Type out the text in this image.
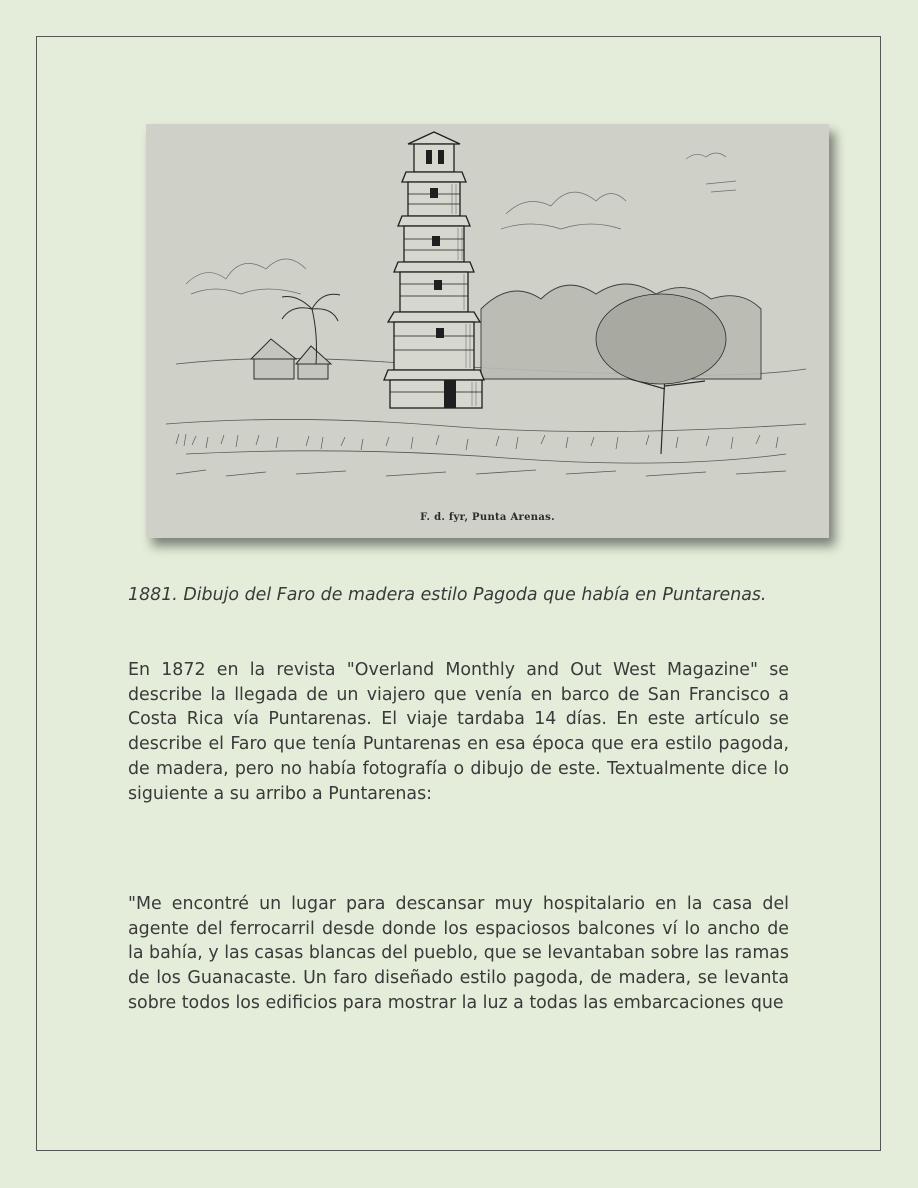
F. d. fyr, Punta Arenas.
1881. Dibujo del Faro de madera estilo Pagoda que había en Puntarenas.
En 1872 en la revista "Overland Monthly and Out West Magazine" se describe la llegada de un viajero que venía en barco de San Francisco a Costa Rica vía Puntarenas. El viaje tardaba 14 días. En este artículo se describe el Faro que tenía Puntarenas en esa época que era estilo pagoda, de madera, pero no había fotografía o dibujo de este. Textualmente dice lo siguiente a su arribo a Puntarenas:
"Me encontré un lugar para descansar muy hospitalario en la casa del agente del ferrocarril desde donde los espaciosos balcones ví lo ancho de la bahía, y las casas blancas del pueblo, que se levantaban sobre las ramas de los Guanacaste. Un faro diseñado estilo pagoda, de madera, se levanta sobre todos los edificios para mostrar la luz a todas las embarcaciones que
